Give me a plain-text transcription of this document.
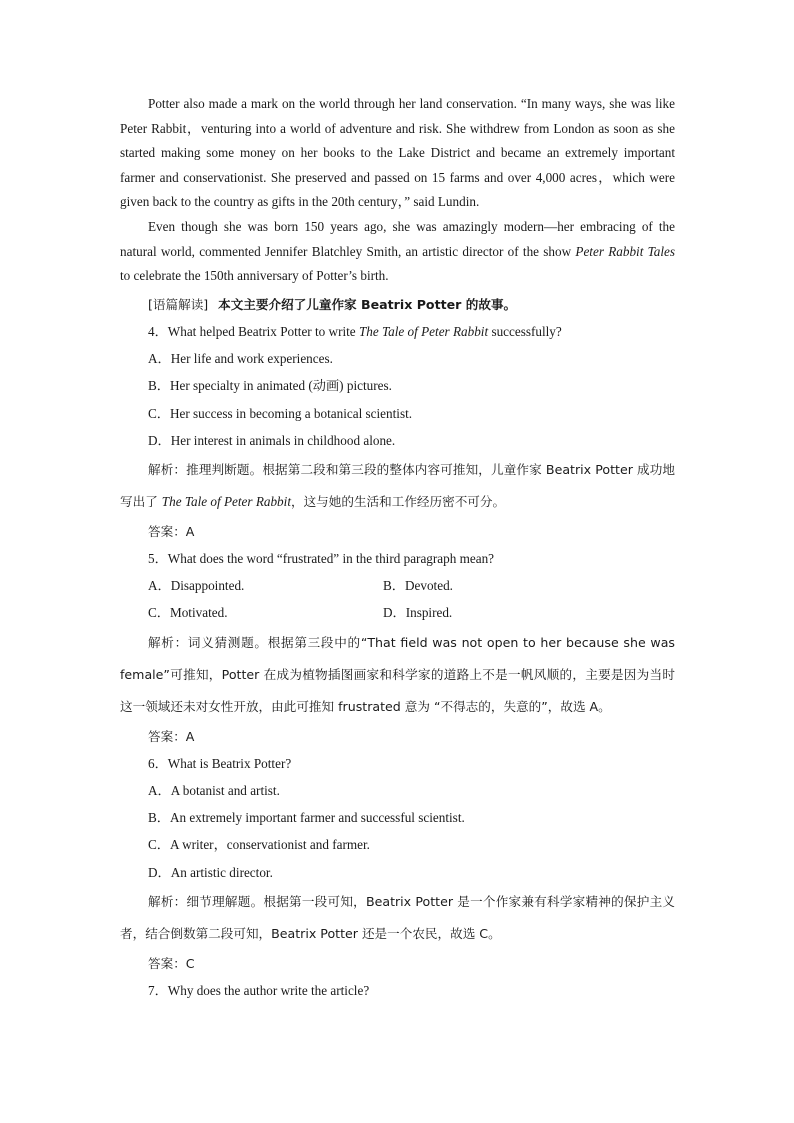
Potter also made a mark on the world through her land conservation. “In many ways, she was like Peter Rabbit，venturing into a world of adventure and risk. She withdrew from London as soon as she started making some money on her books to the Lake District and became an extremely important farmer and conservationist. She preserved and passed on 15 farms and over 4,000 acres，which were given back to the country as gifts in the 20th century，” said Lundin.

Even though she was born 150 years ago, she was amazingly modern—her embracing of the natural world, commented Jennifer Blatchley Smith, an artistic director of the show Peter Rabbit Tales to celebrate the 150th anniversary of Potter’s birth.

[语篇解读] 本文主要介绍了儿童作家 Beatrix Potter 的故事。

4．What helped Beatrix Potter to write The Tale of Peter Rabbit successfully?

A．Her life and work experiences.

B．Her specialty in animated (动画) pictures.

C．Her success in becoming a botanical scientist.

D．Her interest in animals in childhood alone.

解析：推理判断题。根据第二段和第三段的整体内容可推知，儿童作家 Beatrix Potter 成功地写出了 The Tale of Peter Rabbit，这与她的生活和工作经历密不可分。

答案：A

5．What does the word “frustrated” in the third paragraph mean?

A．Disappointed.	B．Devoted.
C．Motivated.	D．Inspired.

解析：词义猜测题。根据第三段中的“That field was not open to her because she was female”可推知，Potter 在成为植物插图画家和科学家的道路上不是一帆风顺的，主要是因为当时这一领域还未对女性开放，由此可推知 frustrated 意为 “不得志的，失意的”，故选 A。

答案：A

6．What is Beatrix Potter?

A．A botanist and artist.

B．An extremely important farmer and successful scientist.

C．A writer，conservationist and farmer.

D．An artistic director.

解析：细节理解题。根据第一段可知，Beatrix Potter 是一个作家兼有科学家精神的保护主义者，结合倒数第二段可知，Beatrix Potter 还是一个农民，故选 C。

答案：C

7．Why does the author write the article?
